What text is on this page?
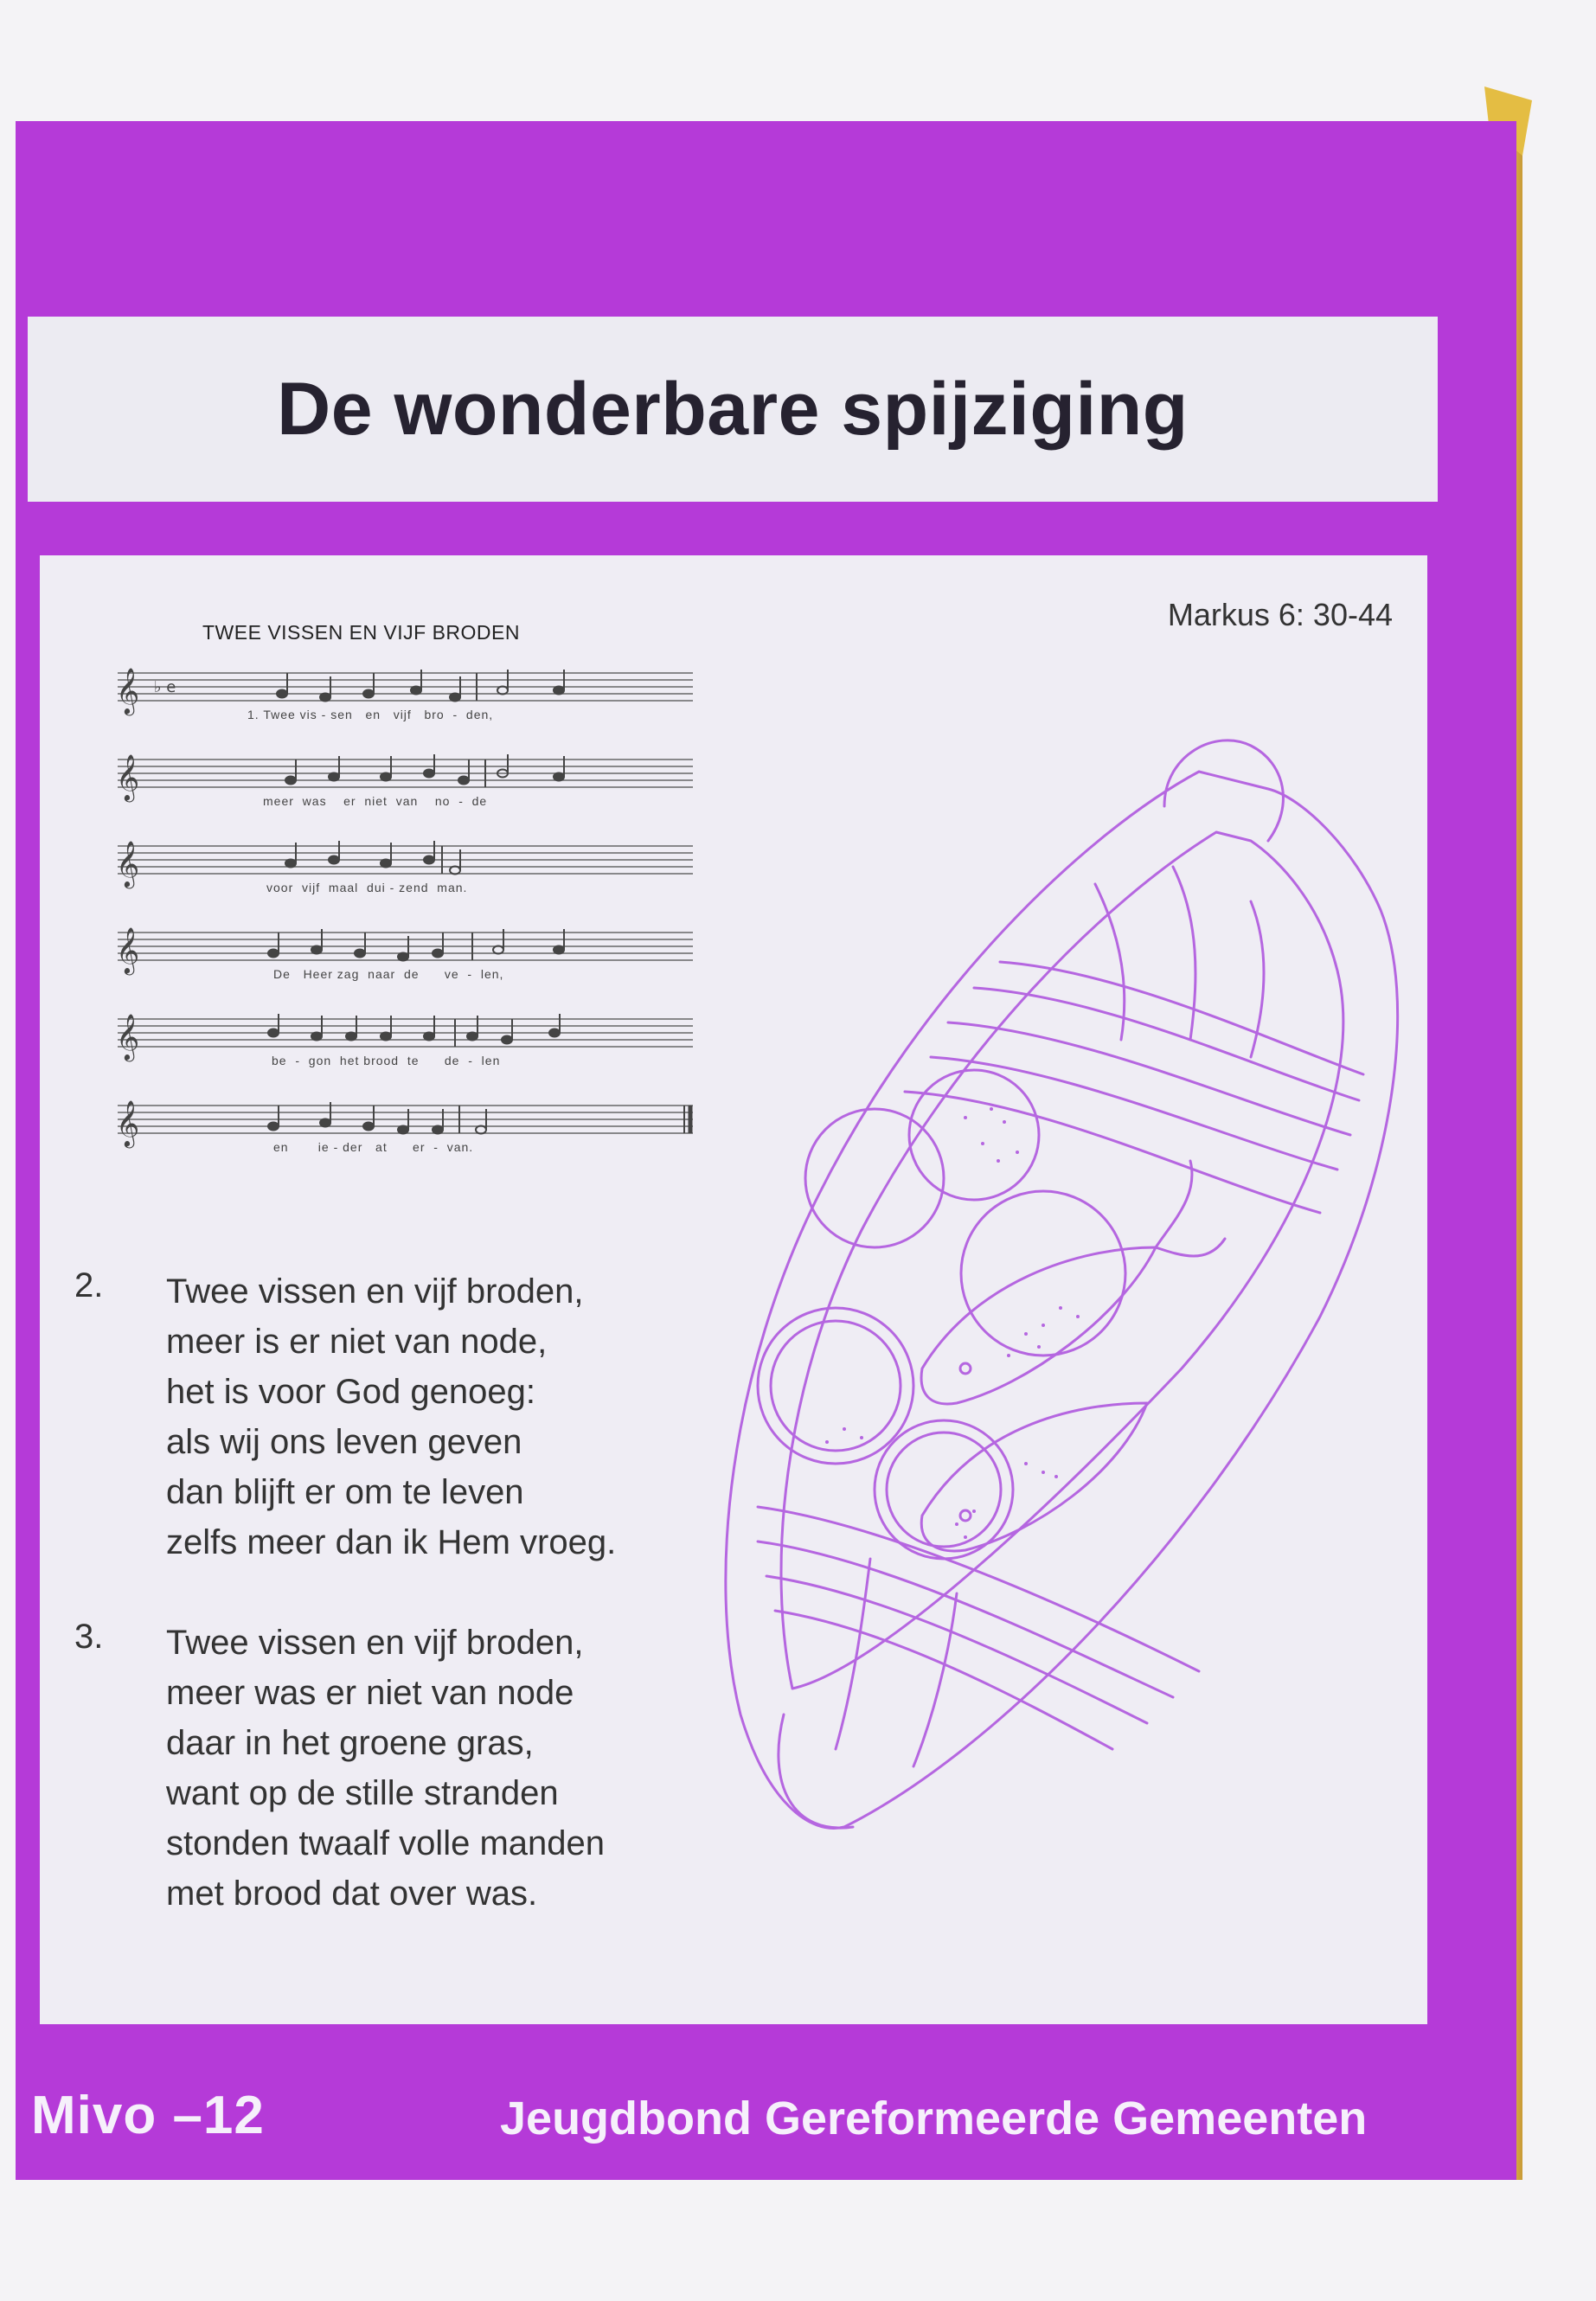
De wonderbare spijziging
Markus 6: 30-44
TWEE VISSEN EN VIJF BRODEN
𝄞 ♭ e
1. Twee vis - sen   en   vijf   bro  -  den,
𝄞
meer  was    er  niet  van    no  -  de
𝄞
voor  vijf  maal  dui - zend  man.
𝄞
De   Heer zag  naar  de      ve  -  len,
𝄞
be  -  gon  het brood  te      de  -  len
𝄞
en       ie - der   at      er  -  van.
2. Twee vissen en vijf broden,

meer is er niet van node,

het is voor God genoeg:

als wij ons leven geven

dan blijft er om te leven

zelfs meer dan ik Hem vroeg.

3. Twee vissen en vijf broden,

meer was er niet van node

daar in het groene gras,

want op de stille stranden

stonden twaalf volle manden

met brood dat over was.

Mivo –12	Jeugdbond Gereformeerde Gemeenten
